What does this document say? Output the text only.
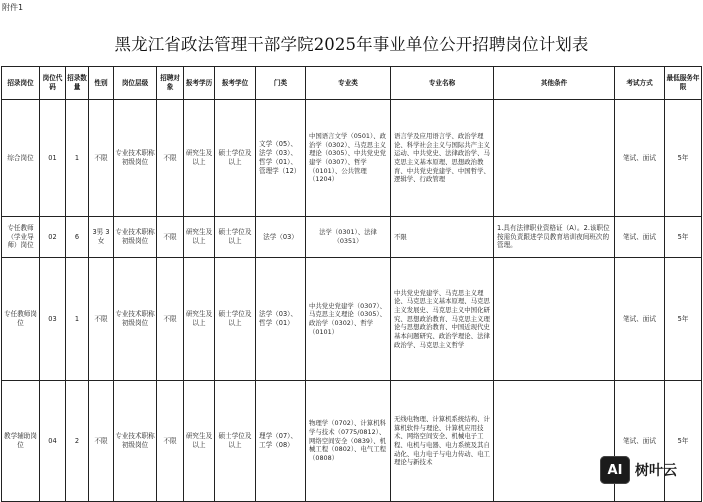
附件1
黑龙江省政法管理干部学院2025年事业单位公开招聘岗位计划表
招录岗位	岗位代码	招录数量	性别	岗位层级	招聘对象	报考学历	报考学位	门类	专业类	专业名称	其他条件	考试方式	最低服务年限
综合岗位	01	1	不限	专业技术职称初级岗位	不限	研究生及以上	硕士学位及以上	文学（05）、法学（03）、哲学（01）、管理学（12）	中国语言文学（0501）、政治学（0302）、马克思主义理论（0305）、中共党史党建学（0307）、哲学（0101）、公共管理（1204）	语言学及应用语言学、政治学理论、科学社会主义与国际共产主义运动、中共党史、法律政治学、马克思主义基本原理、思想政治教育、中共党史党建学、中国哲学、逻辑学、行政管理		笔试、面试	5年
专任教师（学业导师）岗位	02	6	3男 3女	专业技术职称初级岗位	不限	研究生及以上	硕士学位及以上	法学（03）	法学（0301）、法律（0351）	不限	1.具有法律职业资格证（A）。2.该职位按需负责跟进学员教育培训夜间班次的管理。	笔试、面试	5年
专任教师岗位	03	1	不限	专业技术职称初级岗位	不限	研究生及以上	硕士学位及以上	法学（03）、哲学（01）	中共党史党建学（0307）、马克思主义理论（0305）、政治学（0302）、哲学（0101）	中共党史党建学、马克思主义理论、马克思主义基本原理、马克思主义发展史、马克思主义中国化研究、思想政治教育、马克思主义理论与思想政治教育、中国近现代史基本问题研究、政治学理论、法律政治学、马克思主义哲学		笔试、面试	5年
教学辅助岗位	04	2	不限	专业技术职称初级岗位	不限	研究生及以上	硕士学位及以上	理学（07）、工学（08）	物理学（0702）、计算机科学与技术（0775/0812）、网络空间安全（0839）、机械工程（0802）、电气工程（0808）	无线电物理、计算机系统结构、计算机软件与理论、计算机应用技术、网络空间安全、机械电子工程、电机与电器、电力系统及其自动化、电力电子与电力传动、电工理论与新技术		笔试、面试	5年
AI 树叶云
